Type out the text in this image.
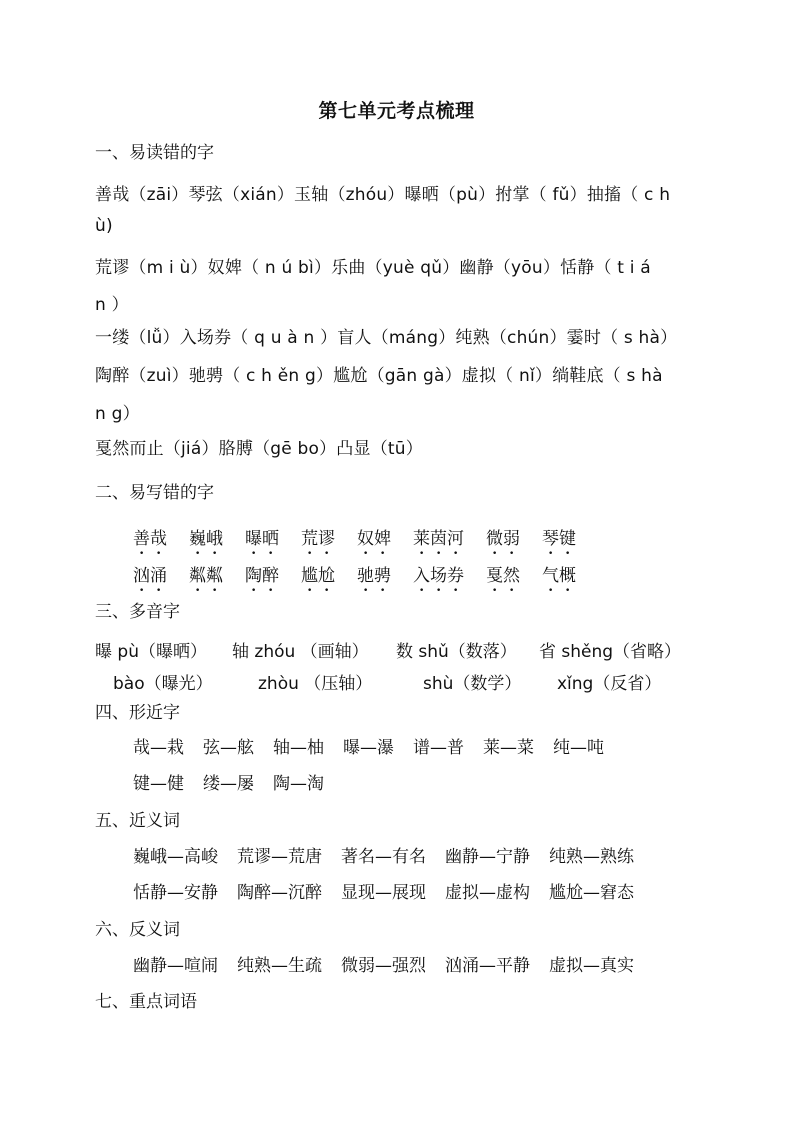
第七单元考点梳理
一、易读错的字
善哉（zāi）琴弦（xián）玉轴（zhóu）曝晒（pù）拊掌（ fǔ）抽搐（ c h
ù)
荒谬（m i ù）奴婢（ n ú bì）乐曲（yuè qǔ）幽静（yōu）恬静（ t i á
n ）
一缕（lǚ）入场券（ q u à n ）盲人（máng）纯熟（chún）霎时（ s hà）
陶醉（zuì）驰骋（ c h ěn g）尴尬（gān gà）虚拟（ nǐ）绱鞋底（ s hà
n g）
戛然而止（jiá）胳膊（gē bo）凸显（tū）
二、易写错的字
善哉 巍峨 曝晒 荒谬 奴婢 莱茵河 微弱 琴键
汹涌 粼粼 陶醉 尴尬 驰骋 入场券 戛然 气概
三、多音字
曝 pù（曝晒） 轴 zhóu （画轴） 数 shǔ（数落） 省 shěng（省略）
bào（曝光）	zhòu （压轴）	shù（数学） xǐng（反省）
四、形近字
哉—栽 弦—舷 轴—柚 曝—瀑 谱—普 莱—菜 纯—吨
键—健 缕—屡 陶—淘
五、近义词
巍峨—高峻 荒谬—荒唐 著名—有名 幽静—宁静 纯熟—熟练
恬静—安静 陶醉—沉醉 显现—展现 虚拟—虚构 尴尬—窘态
六、反义词
幽静—喧闹 纯熟—生疏 微弱—强烈 汹涌—平静 虚拟—真实
七、重点词语
